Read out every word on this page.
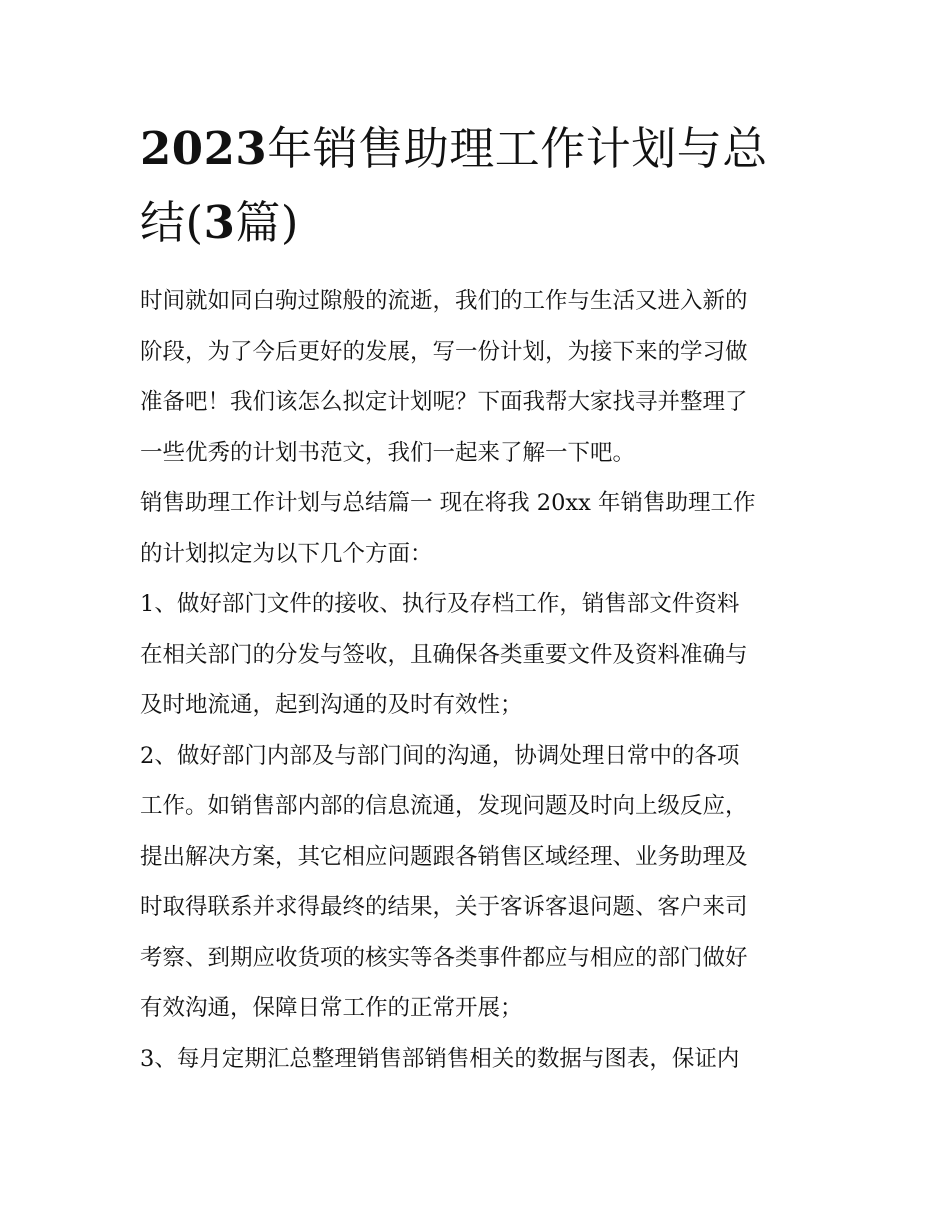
2023年销售助理工作计划与总
结(3篇)
时间就如同白驹过隙般的流逝，我们的工作与生活又进入新的
阶段，为了今后更好的发展，写一份计划，为接下来的学习做
准备吧！我们该怎么拟定计划呢？下面我帮大家找寻并整理了
一些优秀的计划书范文，我们一起来了解一下吧。
销售助理工作计划与总结篇一 现在将我 20xx 年销售助理工作
的计划拟定为以下几个方面：
1、做好部门文件的接收、执行及存档工作，销售部文件资料
在相关部门的分发与签收，且确保各类重要文件及资料准确与
及时地流通，起到沟通的及时有效性；
2、做好部门内部及与部门间的沟通，协调处理日常中的各项
工作。如销售部内部的信息流通，发现问题及时向上级反应，
提出解决方案，其它相应问题跟各销售区域经理、业务助理及
时取得联系并求得最终的结果，关于客诉客退问题、客户来司
考察、到期应收货项的核实等各类事件都应与相应的部门做好
有效沟通，保障日常工作的正常开展；
3、每月定期汇总整理销售部销售相关的数据与图表，保证内
